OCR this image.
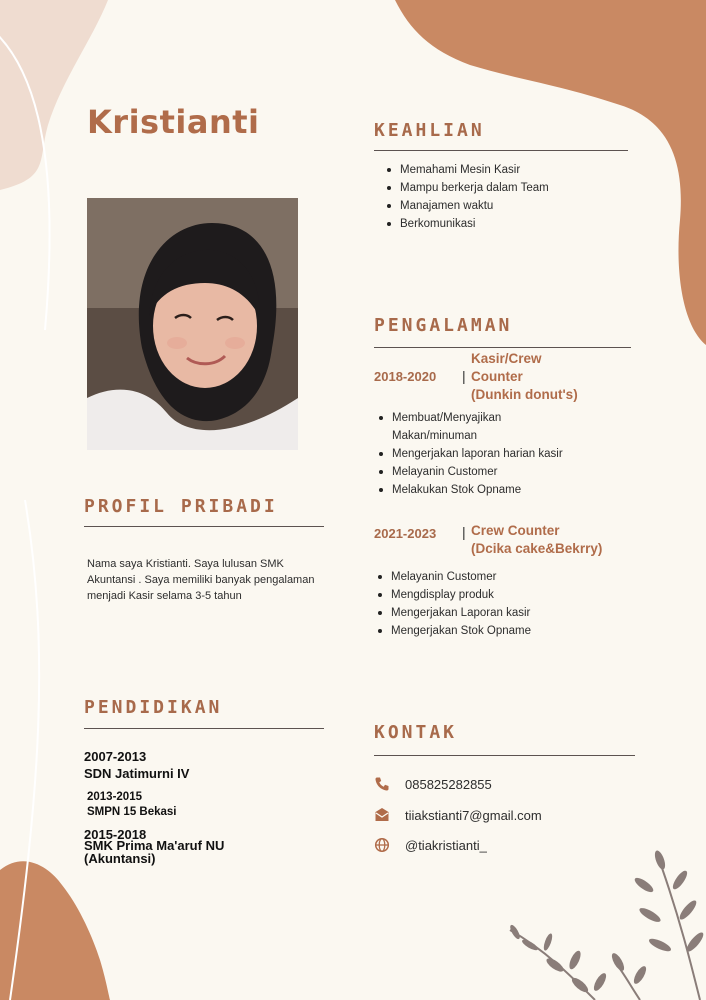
Kristianti	KEAHLIAN
Memahami Mesin Kasir
Mampu berkerja dalam Team
Manajamen waktu
Berkomunikasi
PENGALAMAN
2018-2020 |
Kasir/Crew
Counter
(Dunkin donut's)
Membuat/Menyajikan
Makan/minuman
Mengerjakan laporan harian kasir
Melayanin Customer
Melakukan Stok Opname
2021-2023 | Crew Counter
(Dcika cake&Bekrry)
Melayanin Customer
Mengdisplay produk
Mengerjakan Laporan kasir
Mengerjakan Stok Opname
PROFIL PRIBADI
Nama saya Kristianti. Saya lulusan SMK Akuntansi . Saya memiliki banyak pengalaman menjadi Kasir selama 3-5 tahun
PENDIDIKAN
2007-2013
SDN Jatimurni IV
2013-2015
SMPN 15 Bekasi
2015-2018
SMK Prima Ma'aruf NU
(Akuntansi)
KONTAK
085825282855
tiiakstianti7@gmail.com
@tiakristianti_
